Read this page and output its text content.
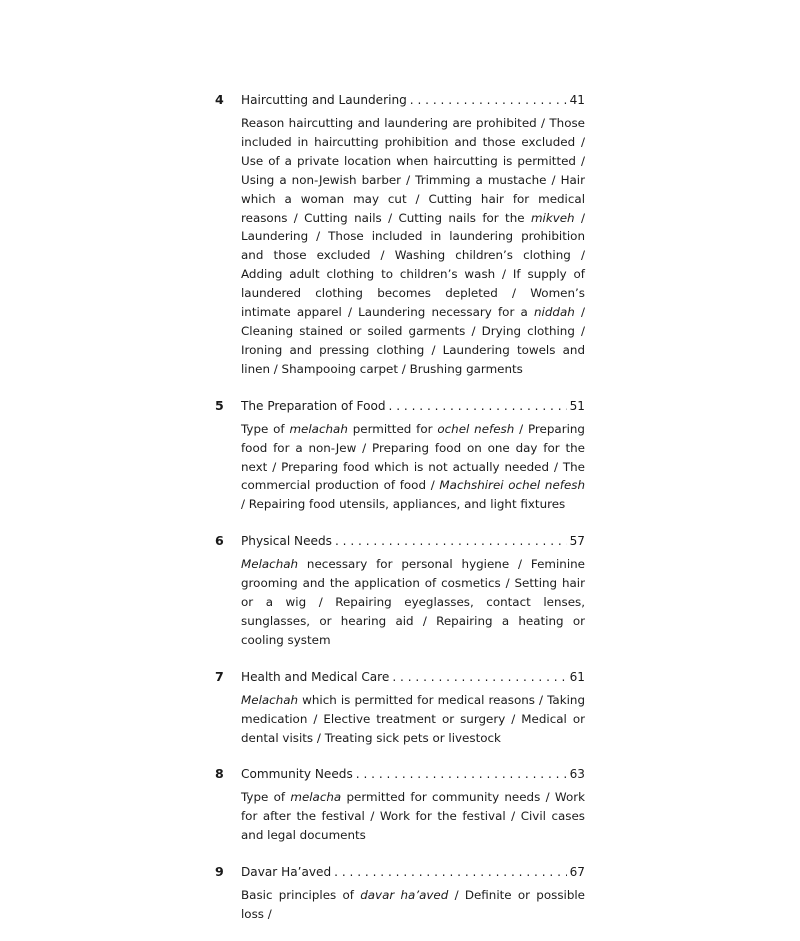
4	Haircutting and Laundering . . .	41
Reason haircutting and laundering are prohibited / Those included in haircutting prohibition and those excluded / Use of a private location when haircutting is permitted / Using a non-Jewish barber / Trimming a mustache / Hair which a woman may cut / Cutting hair for medical reasons / Cutting nails / Cutting nails for the mikveh / Laundering / Those included in laundering prohibition and those excluded / Washing children’s clothing / Adding adult clothing to children’s wash / If supply of laundered clothing becomes depleted / Women’s intimate apparel / Laundering necessary for a niddah / Cleaning stained or soiled garments / Drying clothing / Ironing and pressing clothing / Laundering towels and linen / Shampooing carpet / Brushing garments
5	The Preparation of Food . . .	51
Type of melachah permitted for ochel nefesh / Preparing food for a non-Jew / Preparing food on one day for the next / Preparing food which is not actually needed / The commercial production of food / Machshirei ochel nefesh / Repairing food utensils, appliances, and light fixtures
6	Physical Needs . . .	57
Melachah necessary for personal hygiene / Feminine grooming and the application of cosmetics / Setting hair or a wig / Repairing eyeglasses, contact lenses, sunglasses, or hearing aid / Repairing a heating or cooling system
7	Health and Medical Care . . .	61
Melachah which is permitted for medical reasons / Taking medication / Elective treatment or surgery / Medical or dental visits / Treating sick pets or livestock
8	Community Needs . . .	63
Type of melacha permitted for community needs / Work for after the festival / Work for the festival / Civil cases and legal documents
9	Davar Ha’aved . . .	67
Basic principles of davar ha’aved / Definite or possible loss /
